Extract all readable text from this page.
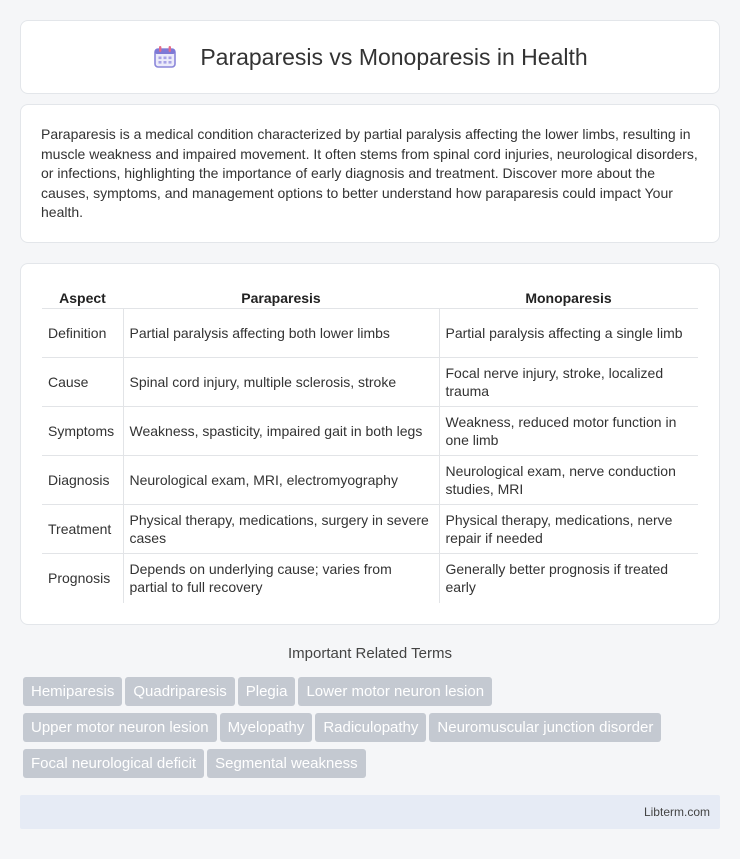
Paraparesis vs Monoparesis in Health

Paraparesis is a medical condition characterized by partial paralysis affecting the lower limbs, resulting in muscle weakness and impaired movement. It often stems from spinal cord injuries, neurological disorders, or infections, highlighting the importance of early diagnosis and treatment. Discover more about the causes, symptoms, and management options to better understand how paraparesis could impact Your health.

Aspect	Paraparesis	Monoparesis
Definition	Partial paralysis affecting both lower limbs	Partial paralysis affecting a single limb
Cause	Spinal cord injury, multiple sclerosis, stroke	Focal nerve injury, stroke, localized trauma
Symptoms	Weakness, spasticity, impaired gait in both legs	Weakness, reduced motor function in one limb
Diagnosis	Neurological exam, MRI, electromyography	Neurological exam, nerve conduction studies, MRI
Treatment	Physical therapy, medications, surgery in severe cases	Physical therapy, medications, nerve repair if needed
Prognosis	Depends on underlying cause; varies from partial to full recovery	Generally better prognosis if treated early
Important Related Terms
Hemiparesis Quadriparesis Plegia Lower motor neuron lesion
Upper motor neuron lesion Myelopathy Radiculopathy Neuromuscular junction disorder
Focal neurological deficit Segmental weakness
Libterm.com
